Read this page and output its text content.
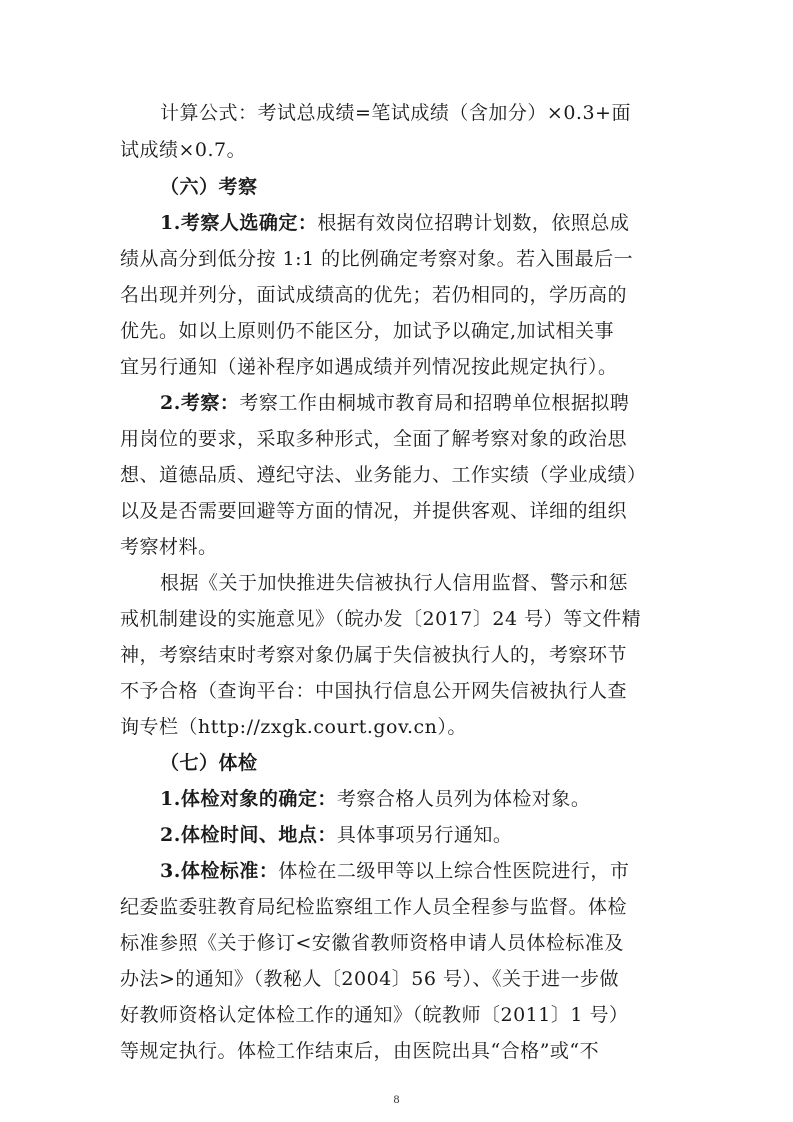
计算公式：考试总成绩=笔试成绩（含加分）×0.3+面
试成绩×0.7。
（六）考察
1.考察人选确定：根据有效岗位招聘计划数，依照总成
绩从高分到低分按 1:1 的比例确定考察对象。若入围最后一
名出现并列分，面试成绩高的优先；若仍相同的，学历高的
优先。如以上原则仍不能区分，加试予以确定,加试相关事
宜另行通知（递补程序如遇成绩并列情况按此规定执行）。
2.考察：考察工作由桐城市教育局和招聘单位根据拟聘
用岗位的要求，采取多种形式，全面了解考察对象的政治思
想、道德品质、遵纪守法、业务能力、工作实绩（学业成绩）
以及是否需要回避等方面的情况，并提供客观、详细的组织
考察材料。
根据《关于加快推进失信被执行人信用监督、警示和惩
戒机制建设的实施意见》（皖办发〔2017〕24 号）等文件精
神，考察结束时考察对象仍属于失信被执行人的，考察环节
不予合格（查询平台：中国执行信息公开网失信被执行人查
询专栏（http://zxgk.court.gov.cn）。
（七）体检
1.体检对象的确定：考察合格人员列为体检对象。
2.体检时间、地点：具体事项另行通知。
3.体检标准：体检在二级甲等以上综合性医院进行，市
纪委监委驻教育局纪检监察组工作人员全程参与监督。体检
标准参照《关于修订<安徽省教师资格申请人员体检标准及
办法>的通知》（教秘人〔2004〕56 号）、《关于进一步做
好教师资格认定体检工作的通知》（皖教师〔2011〕1 号）
等规定执行。体检工作结束后，由医院出具“合格”或“不
8
